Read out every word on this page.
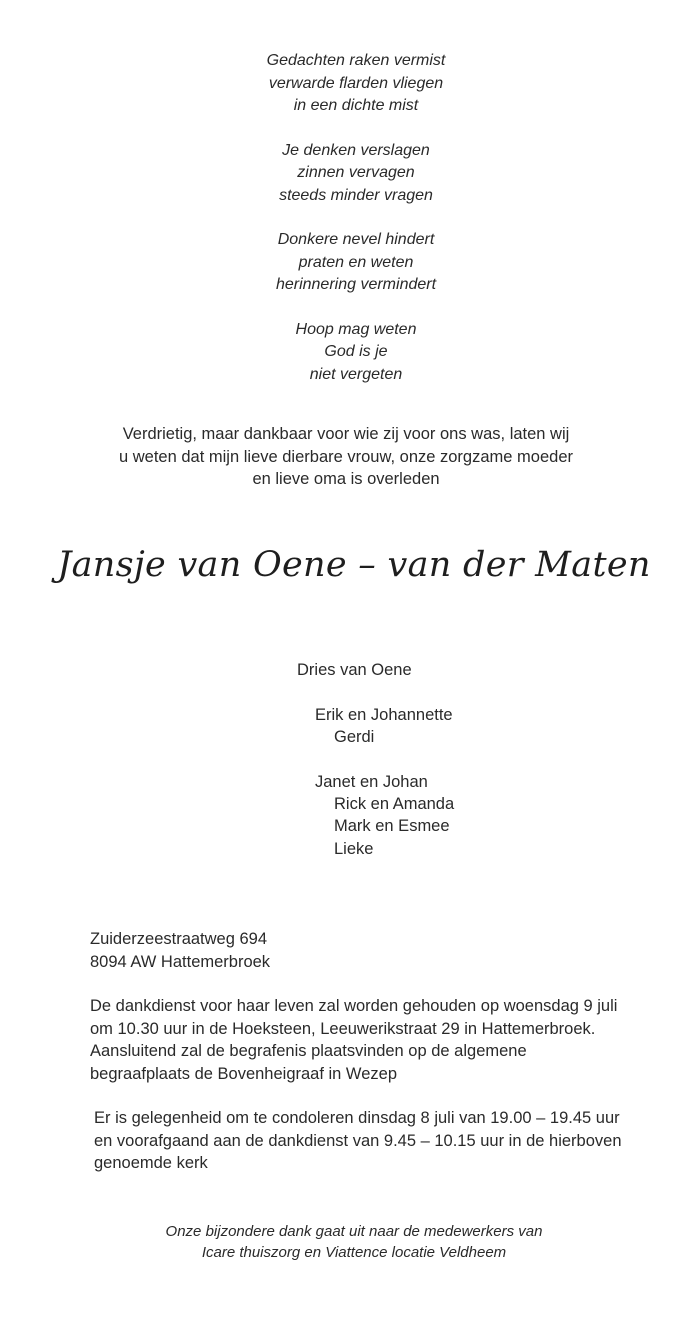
Gedachten raken vermist
verwarde flarden vliegen
in een dichte mist
Je denken verslagen
zinnen vervagen
steeds minder vragen
Donkere nevel hindert
praten en weten
herinnering vermindert
Hoop mag weten
God is je
niet vergeten
Verdrietig, maar dankbaar voor wie zij voor ons was, laten wij
u weten dat mijn lieve dierbare vrouw, onze zorgzame moeder
en lieve oma is overleden
Jansje van Oene – van der Maten
Dries van Oene
Erik en Johannette
Gerdi
Janet en Johan
Rick en Amanda
Mark en Esmee
Lieke
Zuiderzeestraatweg 694
8094 AW Hattemerbroek
De dankdienst voor haar leven zal worden gehouden op woensdag 9 juli
om 10.30 uur in de Hoeksteen, Leeuwerikstraat 29 in Hattemerbroek.
Aansluitend zal de begrafenis plaatsvinden op de algemene
begraafplaats de Bovenheigraaf in Wezep
Er is gelegenheid om te condoleren dinsdag 8 juli van 19.00 – 19.45 uur
en voorafgaand aan de dankdienst van 9.45 – 10.15 uur in de hierboven
genoemde kerk
Onze bijzondere dank gaat uit naar de medewerkers van
Icare thuiszorg en Viattence locatie Veldheem
